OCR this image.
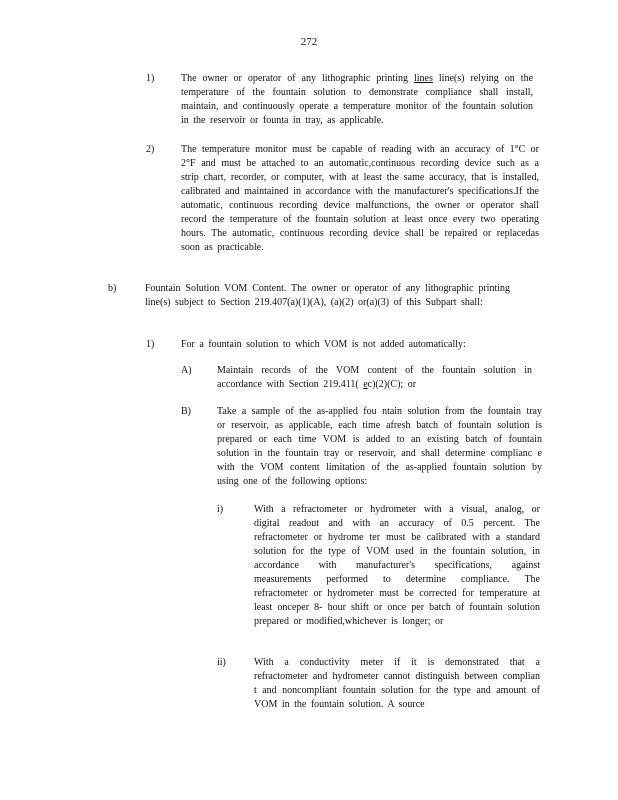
272
1)	The owner or operator of any lithographic printing lines line(s) relying on the temperature of the fountain solution to demonstrate compliance shall install, maintain, and continuously operate a temperature monitor of the fountain solution in the reservoir or founta in tray, as applicable.
2)	The temperature monitor must be capable of reading with an accuracy of 1°C or 2°F and must be attached to an automatic,continuous recording device such as a strip chart, recorder, or computer, with at least the same accuracy, that is installed, calibrated and maintained in accordance with the manufacturer's specifications.If the automatic, continuous recording device malfunctions, the owner or operator shall record the temperature of the fountain solution at least once every two operating hours. The automatic, continuous recording device shall be repaired or replacedas soon as practicable.
b)	Fountain Solution VOM Content. The owner or operator of any lithographic printing line(s) subject to Section 219.407(a)(1)(A), (a)(2) or(a)(3) of this Subpart shall:
1)	For a fountain solution to which VOM is not added automatically:
A)	Maintain records of the VOM content of the fountain solution in accordance with Section 219.411( ec)(2)(C); or
B)	Take a sample of the as-applied fou ntain solution from the fountain tray or reservoir, as applicable, each time afresh batch of fountain solution is prepared or each time VOM is added to an existing batch of fountain solution in the fountain tray or reservoir, and shall determine complianc e with the VOM content limitation of the as-applied fountain solution by using one of the following options:
i)	With a refractometer or hydrometer with a visual, analog, or digital readout and with an accuracy of 0.5 percent. The refractometer or hydrome ter must be calibrated with a standard solution for the type of VOM used in the fountain solution, in accordance with manufacturer's specifications, against measurements performed to determine compliance. The refractometer or hydrometer must be corrected for temperature at least onceper 8- hour shift or once per batch of fountain solution prepared or modified,whichever is longer; or
ii)	With a conductivity meter if it is demonstrated that a refractometer and hydrometer cannot distinguish between complian t and noncompliant fountain solution for the type and amount of VOM in the fountain solution. A source
